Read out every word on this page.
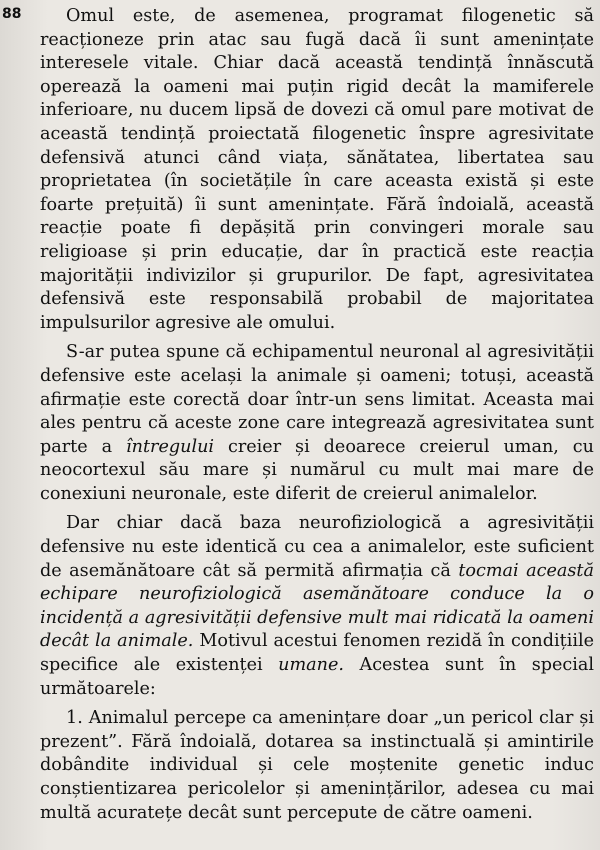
88	Omul este, de asemenea, programat filogenetic să reacționeze prin atac sau fugă dacă îi sunt amenințate interesele vitale. Chiar dacă această tendință înnăscută operează la oameni mai puțin rigid decât la mamiferele inferioare, nu ducem lipsă de dovezi că omul pare motivat de această tendință proiectată filogenetic înspre agresivitate defensivă atunci când viața, sănătatea, libertatea sau proprietatea (în societățile în care aceasta există și este foarte prețuită) îi sunt amenințate. Fără îndoială, această reacție poate fi depășită prin convingeri morale sau religioase și prin educație, dar în practică este reacția majorității indivizilor și grupurilor. De fapt, agresivitatea defensivă este responsabilă probabil de majoritatea impulsurilor agresive ale omului.

S-ar putea spune că echipamentul neuronal al agresivității defensive este același la animale și oameni; totuși, această afirmație este corectă doar într-un sens limitat. Aceasta mai ales pentru că aceste zone care integrează agresivitatea sunt parte a întregului creier și deoarece creierul uman, cu neocortexul său mare și numărul cu mult mai mare de conexiuni neuronale, este diferit de creierul animalelor.

Dar chiar dacă baza neurofiziologică a agresivității defensive nu este identică cu cea a animalelor, este suficient de asemănătoare cât să permită afirmația că tocmai această echipare neurofiziologică asemănătoare conduce la o incidență a agresivității defensive mult mai ridicată la oameni decât la animale. Motivul acestui fenomen rezidă în condițiile specifice ale existenței umane. Acestea sunt în special următoarele:

1. Animalul percepe ca amenințare doar „un pericol clar și prezent”. Fără îndoială, dotarea sa instinctuală și amintirile dobândite individual și cele moștenite genetic induc conștientizarea pericolelor și amenințărilor, adesea cu mai multă acuratețe decât sunt percepute de către oameni.
